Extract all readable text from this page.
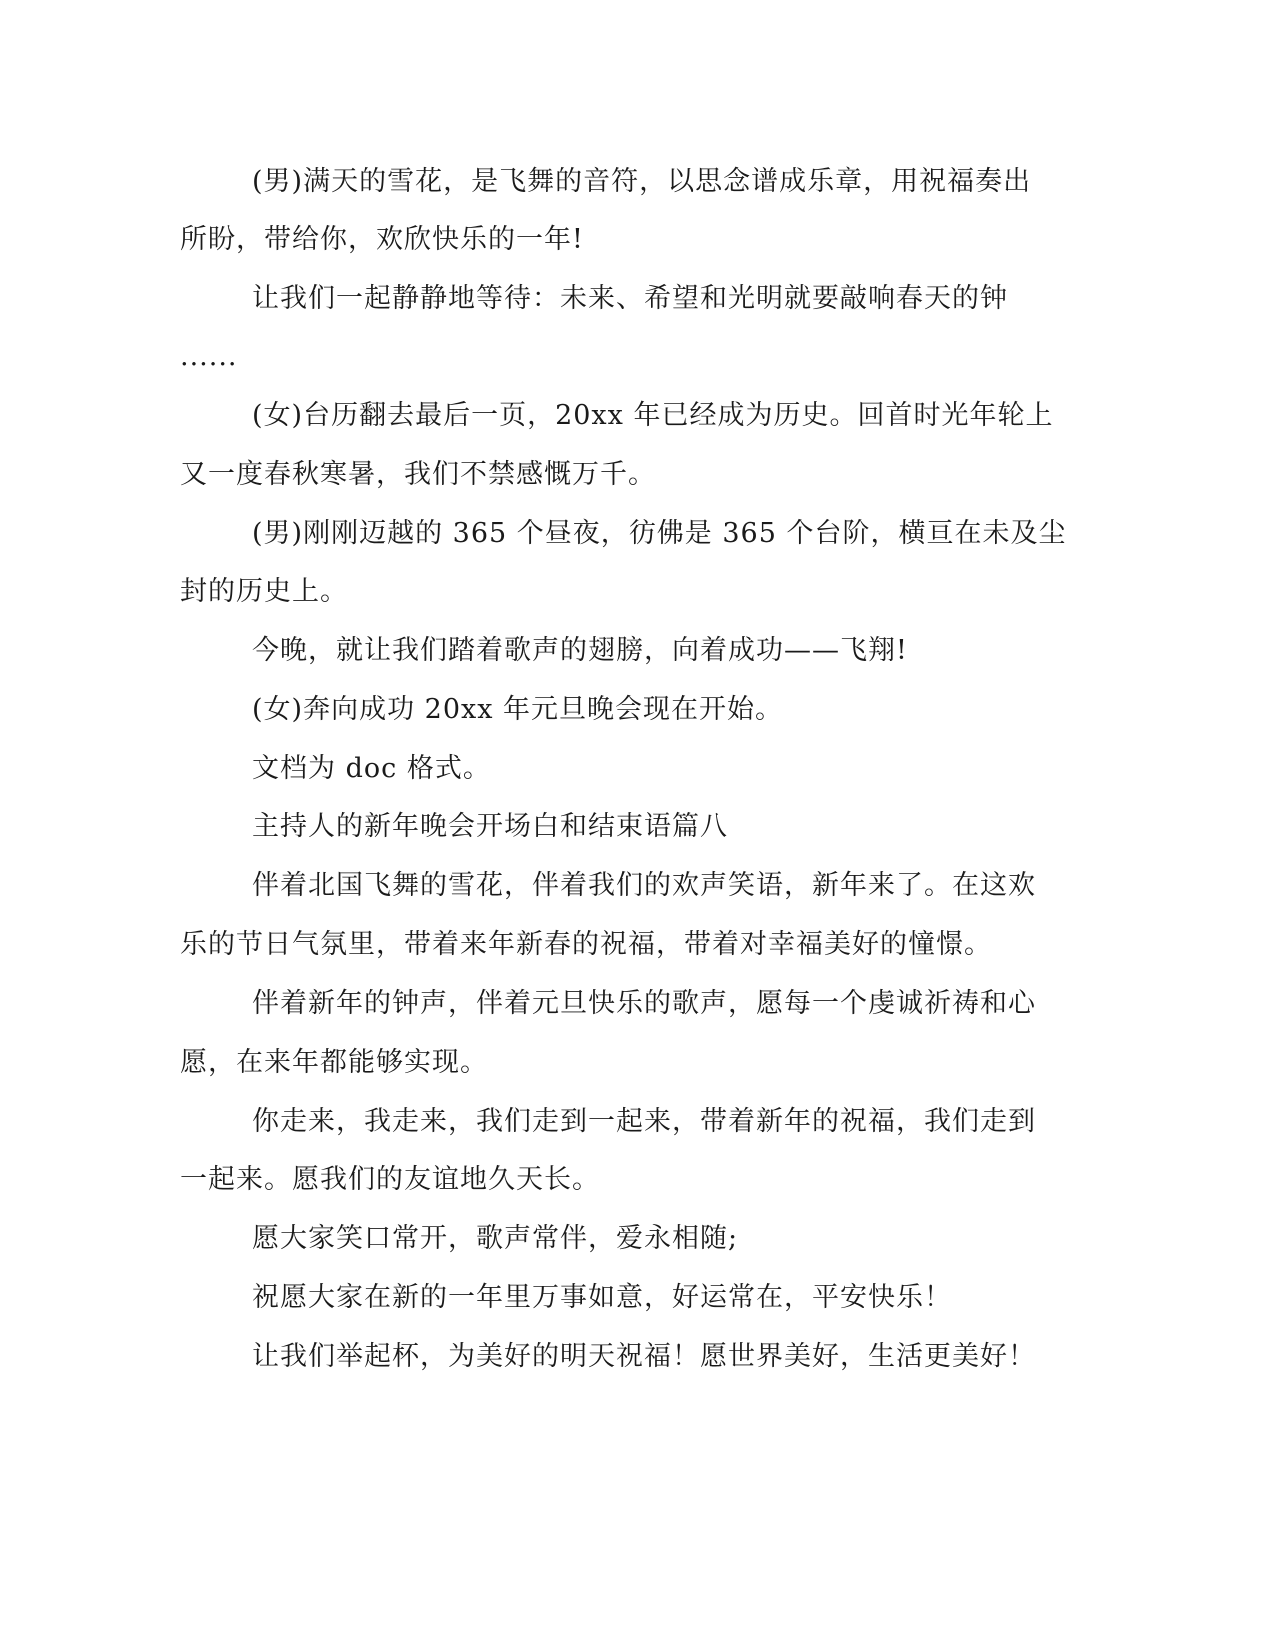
(男)满天的雪花，是飞舞的音符，以思念谱成乐章，用祝福奏出

所盼，带给你，欢欣快乐的一年!

让我们一起静静地等待：未来、希望和光明就要敲响春天的钟

......

(女)台历翻去最后一页，20xx 年已经成为历史。回首时光年轮上

又一度春秋寒暑，我们不禁感慨万千。

(男)刚刚迈越的 365 个昼夜，彷佛是 365 个台阶，横亘在未及尘

封的历史上。

今晚，就让我们踏着歌声的翅膀，向着成功——飞翔!

(女)奔向成功 20xx 年元旦晚会现在开始。

文档为 doc 格式。

主持人的新年晚会开场白和结束语篇八

伴着北国飞舞的雪花，伴着我们的欢声笑语，新年来了。在这欢

乐的节日气氛里，带着来年新春的祝福，带着对幸福美好的憧憬。

伴着新年的钟声，伴着元旦快乐的歌声，愿每一个虔诚祈祷和心

愿，在来年都能够实现。

你走来，我走来，我们走到一起来，带着新年的祝福，我们走到

一起来。愿我们的友谊地久天长。

愿大家笑口常开，歌声常伴，爱永相随;

祝愿大家在新的一年里万事如意，好运常在，平安快乐！

让我们举起杯，为美好的明天祝福！愿世界美好，生活更美好！
